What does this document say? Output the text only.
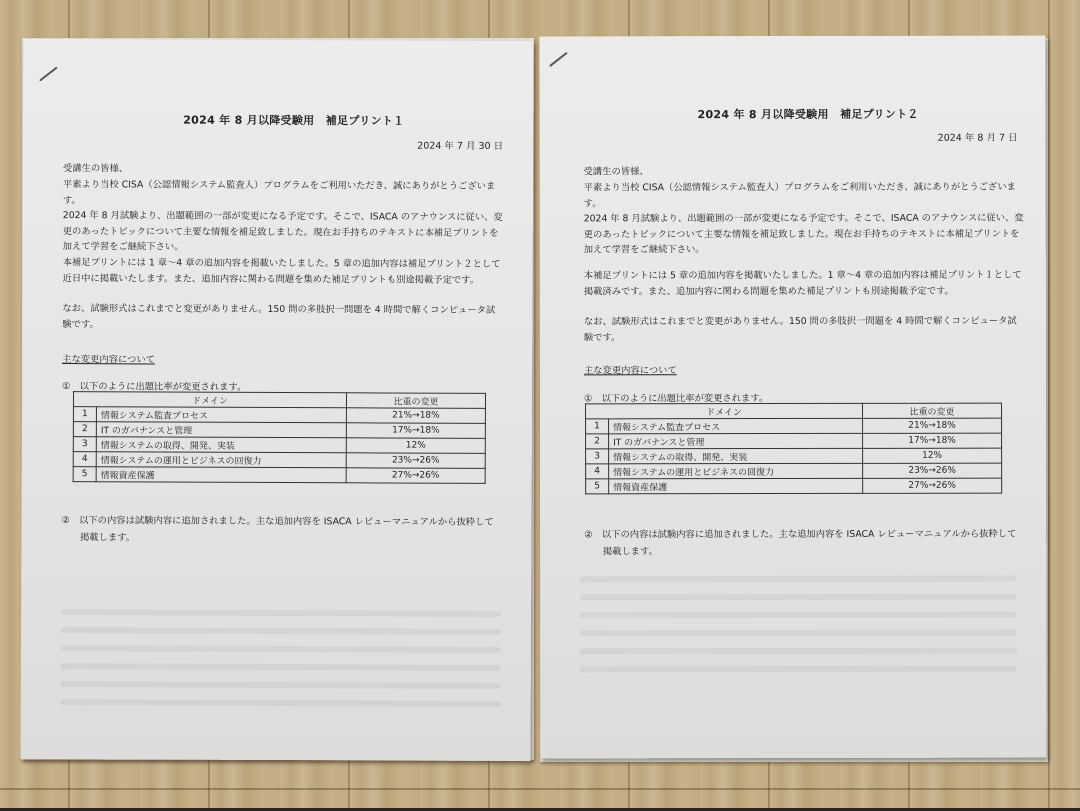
2024 年 8 月以降受験用　補足プリント１
2024 年 7 月 30 日
受講生の皆様、
平素より当校 CISA（公認情報システム監査人）プログラムをご利用いただき、誠にありがとうございます。
2024 年 8 月試験より、出題範囲の一部が変更になる予定です。そこで、ISACA のアナウンスに従い、変更のあったトピックについて主要な情報を補足致しました。現在お手持ちのテキストに本補足プリントを加えて学習をご継続下さい。
本補足プリントには 1 章～4 章の追加内容を掲載いたしました。5 章の追加内容は補足プリント２として近日中に掲載いたします。また、追加内容に関わる問題を集めた補足プリントも別途掲載予定です。
なお、試験形式はこれまでと変更がありません。150 問の多肢択一問題を 4 時間で解くコンピュータ試験です。
主な変更内容について
①　以下のように出題比率が変更されます。
ドメイン		比重の変更
1	情報システム監査プロセス	21%→18%
2	IT のガバナンスと管理	17%→18%
3	情報システムの取得、開発、実装	12%
4	情報システムの運用とビジネスの回復力	23%→26%
5	情報資産保護	27%→26%
②　以下の内容は試験内容に追加されました。主な追加内容を ISACA レビューマニュアルから抜粋して
　　掲載します。
2024 年 8 月以降受験用　補足プリント２
2024 年 8 月 7 日
受講生の皆様、
平素より当校 CISA（公認情報システム監査人）プログラムをご利用いただき、誠にありがとうございます。
2024 年 8 月試験より、出題範囲の一部が変更になる予定です。そこで、ISACA のアナウンスに従い、変更のあったトピックについて主要な情報を補足致しました。現在お手持ちのテキストに本補足プリントを加えて学習をご継続下さい。
本補足プリントには 5 章の追加内容を掲載いたしました。1 章～4 章の追加内容は補足プリント１として掲載済みです。また、追加内容に関わる問題を集めた補足プリントも別途掲載予定です。
なお、試験形式はこれまでと変更がありません。150 問の多肢択一問題を 4 時間で解くコンピュータ試験です。
主な変更内容について
①　以下のように出題比率が変更されます。
ドメイン		比重の変更
1	情報システム監査プロセス	21%→18%
2	IT のガバナンスと管理	17%→18%
3	情報システムの取得、開発、実装	12%
4	情報システムの運用とビジネスの回復力	23%→26%
5	情報資産保護	27%→26%
②　以下の内容は試験内容に追加されました。主な追加内容を ISACA レビューマニュアルから抜粋して
　　掲載します。
